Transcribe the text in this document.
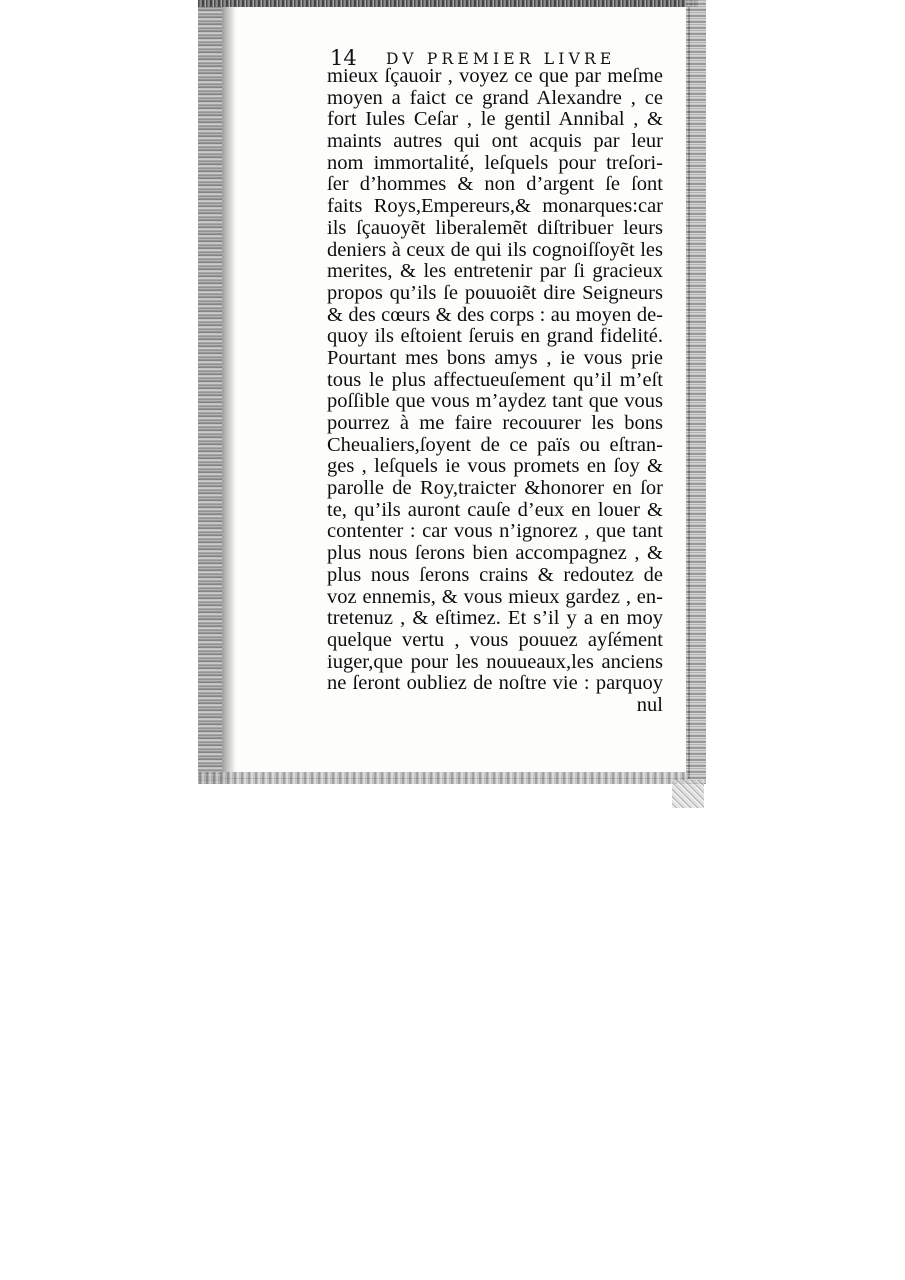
14 DV PREMIER LIVRE
mieux ſçauoir , voyez ce que par meſme
moyen a faict ce grand Alexandre , ce
fort Iules Ceſar , le gentil Annibal , &
maints autres qui ont acquis par leur
nom immortalité, leſquels pour treſori-
ſer d’hommes & non d’argent ſe ſont
faits Roys,Empereurs,& monarques:car
ils ſçauoyẽt liberalemẽt diſtribuer leurs
deniers à ceux de qui ils cognoiſſoyẽt les
merites, & les entretenir par ſi gracieux
propos qu’ils ſe pouuoiẽt dire Seigneurs
& des cœurs & des corps : au moyen de-
quoy ils eſtoient ſeruis en grand fidelité.
Pourtant mes bons amys , ie vous prie
tous le plus affectueuſement qu’il m’eſt
poſſible que vous m’aydez tant que vous
pourrez à me faire recouurer les bons
Cheualiers,ſoyent de ce païs ou eſtran-
ges , leſquels ie vous promets en ſoy &
parolle de Roy,traicter &honorer en ſor
te, qu’ils auront cauſe d’eux en louer &
contenter : car vous n’ignorez , que tant
plus nous ſerons bien accompagnez , &
plus nous ſerons crains & redoutez de
voz ennemis, & vous mieux gardez , en-
tretenuz , & eſtimez. Et s’il y a en moy
quelque vertu , vous pouuez ayſément
iuger,que pour les nouueaux,les anciens
ne ſeront oubliez de noſtre vie : parquoy
nul
